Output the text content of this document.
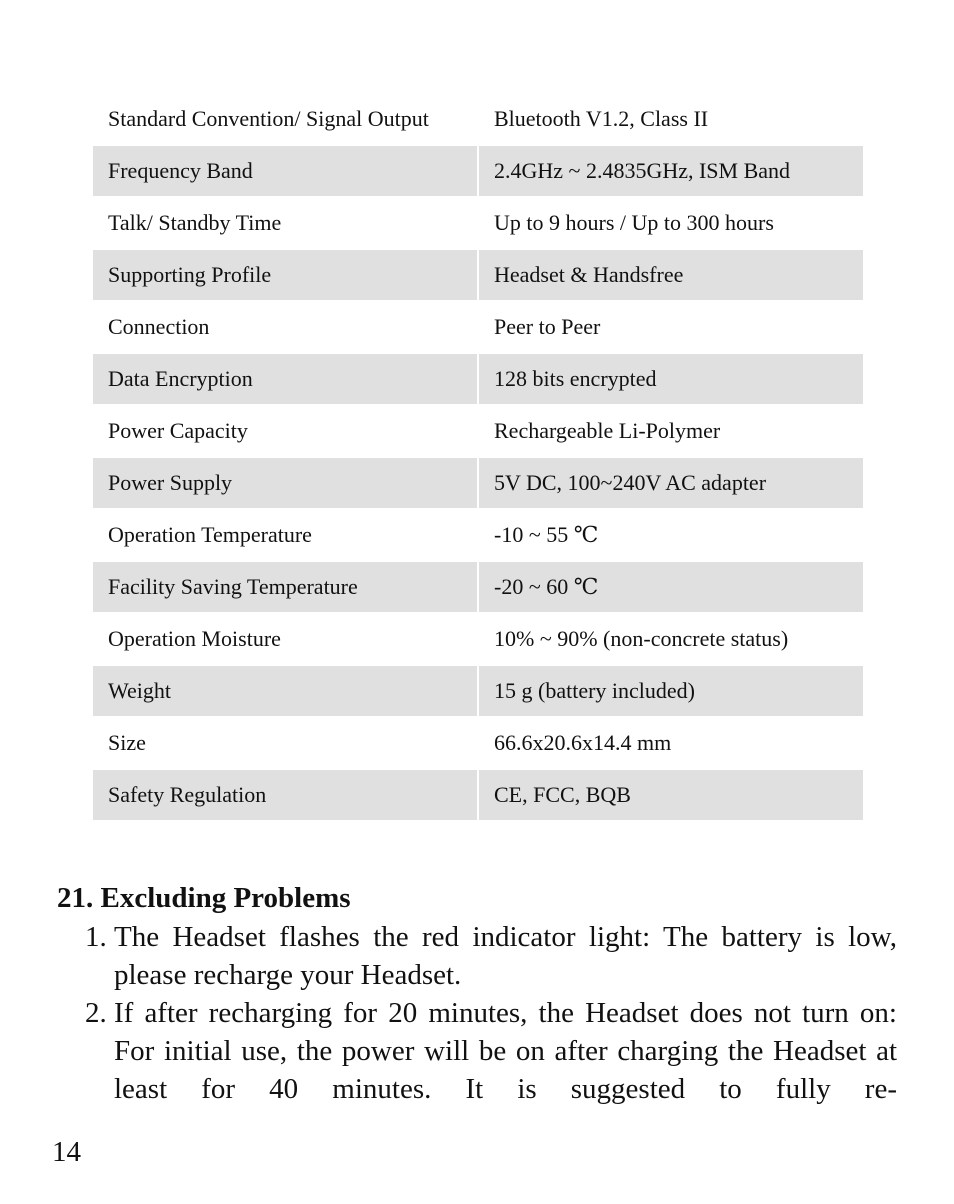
Standard Convention/ Signal Output	Bluetooth V1.2, Class II
Frequency Band	2.4GHz ~ 2.4835GHz, ISM Band
Talk/ Standby Time	Up to 9 hours / Up to 300 hours
Supporting Profile	Headset & Handsfree
Connection	Peer to Peer
Data Encryption	128 bits encrypted
Power Capacity	Rechargeable Li-Polymer
Power Supply	5V DC, 100~240V AC adapter
Operation Temperature	-10 ~ 55 ℃
Facility Saving Temperature	-20 ~ 60 ℃
Operation Moisture	10% ~ 90% (non-concrete status)
Weight	15 g (battery included)
Size	66.6x20.6x14.4 mm
Safety Regulation	CE, FCC, BQB
21. Excluding Problems
1. The Headset flashes the red indicator light: The battery is low, please recharge your Headset.
2. If after recharging for 20 minutes, the Headset does not turn on: For initial use, the power will be on after charging the Headset at least for 40 minutes. It is suggested to fully re-
14
